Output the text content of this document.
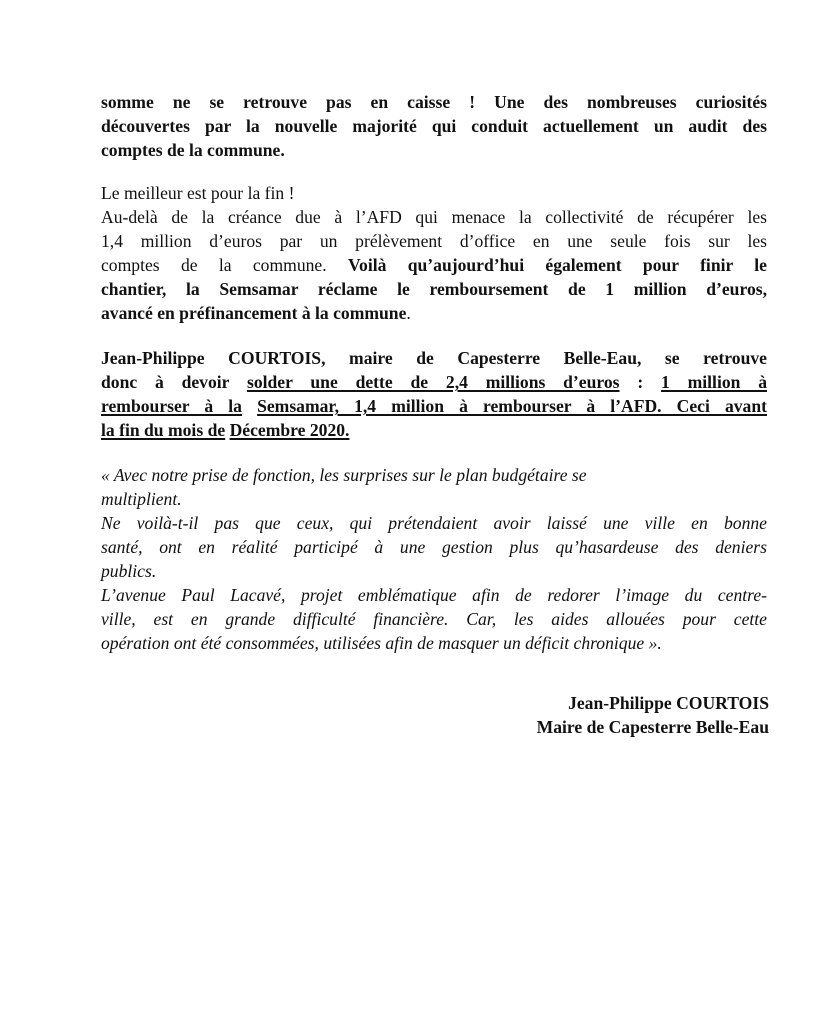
somme ne se retrouve pas en caisse ! Une des nombreuses curiosités
découvertes par la nouvelle majorité qui conduit actuellement un audit des
comptes de la commune.

Le meilleur est pour la fin !
Au-delà de la créance due à l’AFD qui menace la collectivité de récupérer les
1,4 million d’euros par un prélèvement d’office en une seule fois sur les
comptes de la commune. Voilà qu’aujourd’hui également pour finir le
chantier, la Semsamar réclame le remboursement de 1 million d’euros,
avancé en préfinancement à la commune.

Jean-Philippe COURTOIS, maire de Capesterre Belle-Eau, se retrouve
donc à devoir solder une dette de 2,4 millions d’euros : 1 million à
rembourser à la Semsamar, 1,4 million à rembourser à l’AFD. Ceci avant
la fin du mois de Décembre 2020.

« Avec notre prise de fonction, les surprises sur le plan budgétaire se
multiplient.
Ne voilà-t-il pas que ceux, qui prétendaient avoir laissé une ville en bonne
santé, ont en réalité participé à une gestion plus qu’hasardeuse des deniers
publics.
L’avenue Paul Lacavé, projet emblématique afin de redorer l’image du centre-
ville, est en grande difficulté financière. Car, les aides allouées pour cette
opération ont été consommées, utilisées afin de masquer un déficit chronique ».

Jean-Philippe COURTOIS
Maire de Capesterre Belle-Eau
